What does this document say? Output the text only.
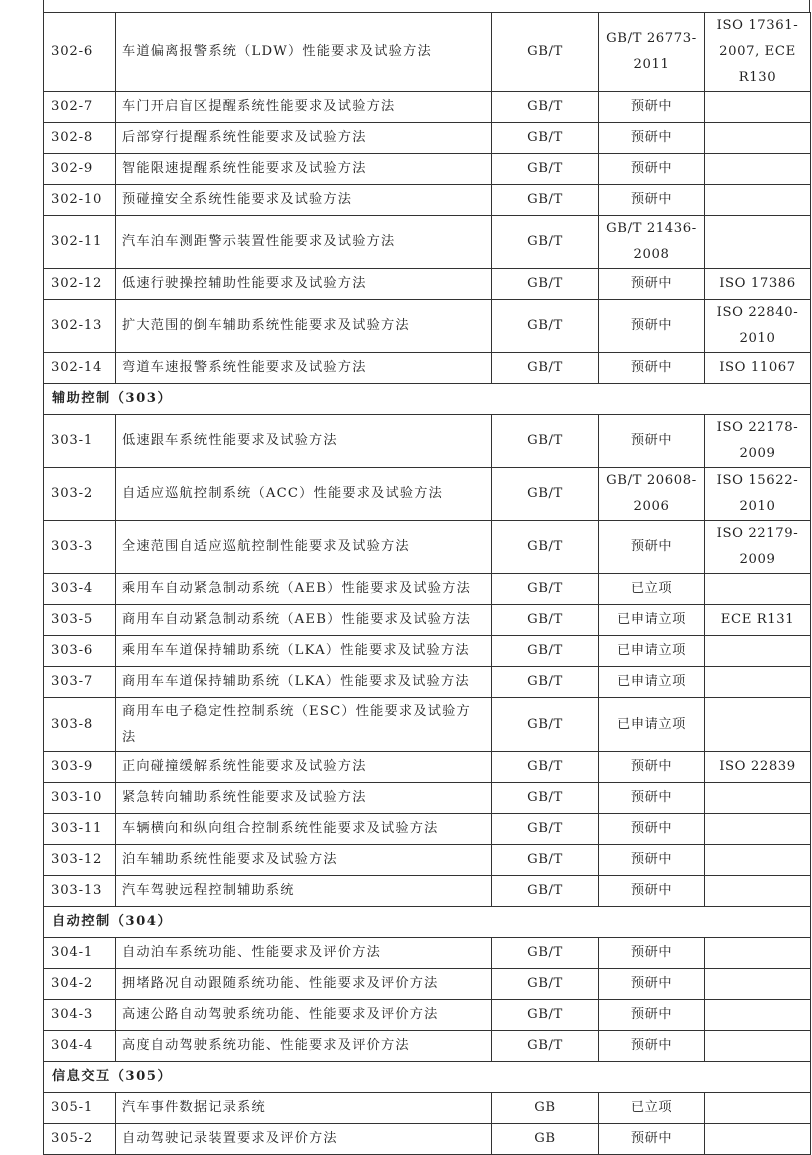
302-6	车道偏离报警系统（LDW）性能要求及试验方法	GB/T	GB/T 26773-2011	ISO 17361-2007, ECE R130
302-7	车门开启盲区提醒系统性能要求及试验方法	GB/T	预研中	
302-8	后部穿行提醒系统性能要求及试验方法	GB/T	预研中	
302-9	智能限速提醒系统性能要求及试验方法	GB/T	预研中	
302-10	预碰撞安全系统性能要求及试验方法	GB/T	预研中	
302-11	汽车泊车测距警示装置性能要求及试验方法	GB/T	GB/T 21436-2008	
302-12	低速行驶操控辅助性能要求及试验方法	GB/T	预研中	ISO 17386
302-13	扩大范围的倒车辅助系统性能要求及试验方法	GB/T	预研中	ISO 22840-2010
302-14	弯道车速报警系统性能要求及试验方法	GB/T	预研中	ISO 11067
辅助控制（303）				
303-1	低速跟车系统性能要求及试验方法	GB/T	预研中	ISO 22178-2009
303-2	自适应巡航控制系统（ACC）性能要求及试验方法	GB/T	GB/T 20608-2006	ISO 15622-2010
303-3	全速范围自适应巡航控制性能要求及试验方法	GB/T	预研中	ISO 22179-2009
303-4	乘用车自动紧急制动系统（AEB）性能要求及试验方法	GB/T	已立项	
303-5	商用车自动紧急制动系统（AEB）性能要求及试验方法	GB/T	已申请立项	ECE R131
303-6	乘用车车道保持辅助系统（LKA）性能要求及试验方法	GB/T	已申请立项	
303-7	商用车车道保持辅助系统（LKA）性能要求及试验方法	GB/T	已申请立项	
303-8	商用车电子稳定性控制系统（ESC）性能要求及试验方法	GB/T	已申请立项	
303-9	正向碰撞缓解系统性能要求及试验方法	GB/T	预研中	ISO 22839
303-10	紧急转向辅助系统性能要求及试验方法	GB/T	预研中	
303-11	车辆横向和纵向组合控制系统性能要求及试验方法	GB/T	预研中	
303-12	泊车辅助系统性能要求及试验方法	GB/T	预研中	
303-13	汽车驾驶远程控制辅助系统	GB/T	预研中	
自动控制（304）				
304-1	自动泊车系统功能、性能要求及评价方法	GB/T	预研中	
304-2	拥堵路况自动跟随系统功能、性能要求及评价方法	GB/T	预研中	
304-3	高速公路自动驾驶系统功能、性能要求及评价方法	GB/T	预研中	
304-4	高度自动驾驶系统功能、性能要求及评价方法	GB/T	预研中	
信息交互（305）				
305-1	汽车事件数据记录系统	GB	已立项	
305-2	自动驾驶记录装置要求及评价方法	GB	预研中	
